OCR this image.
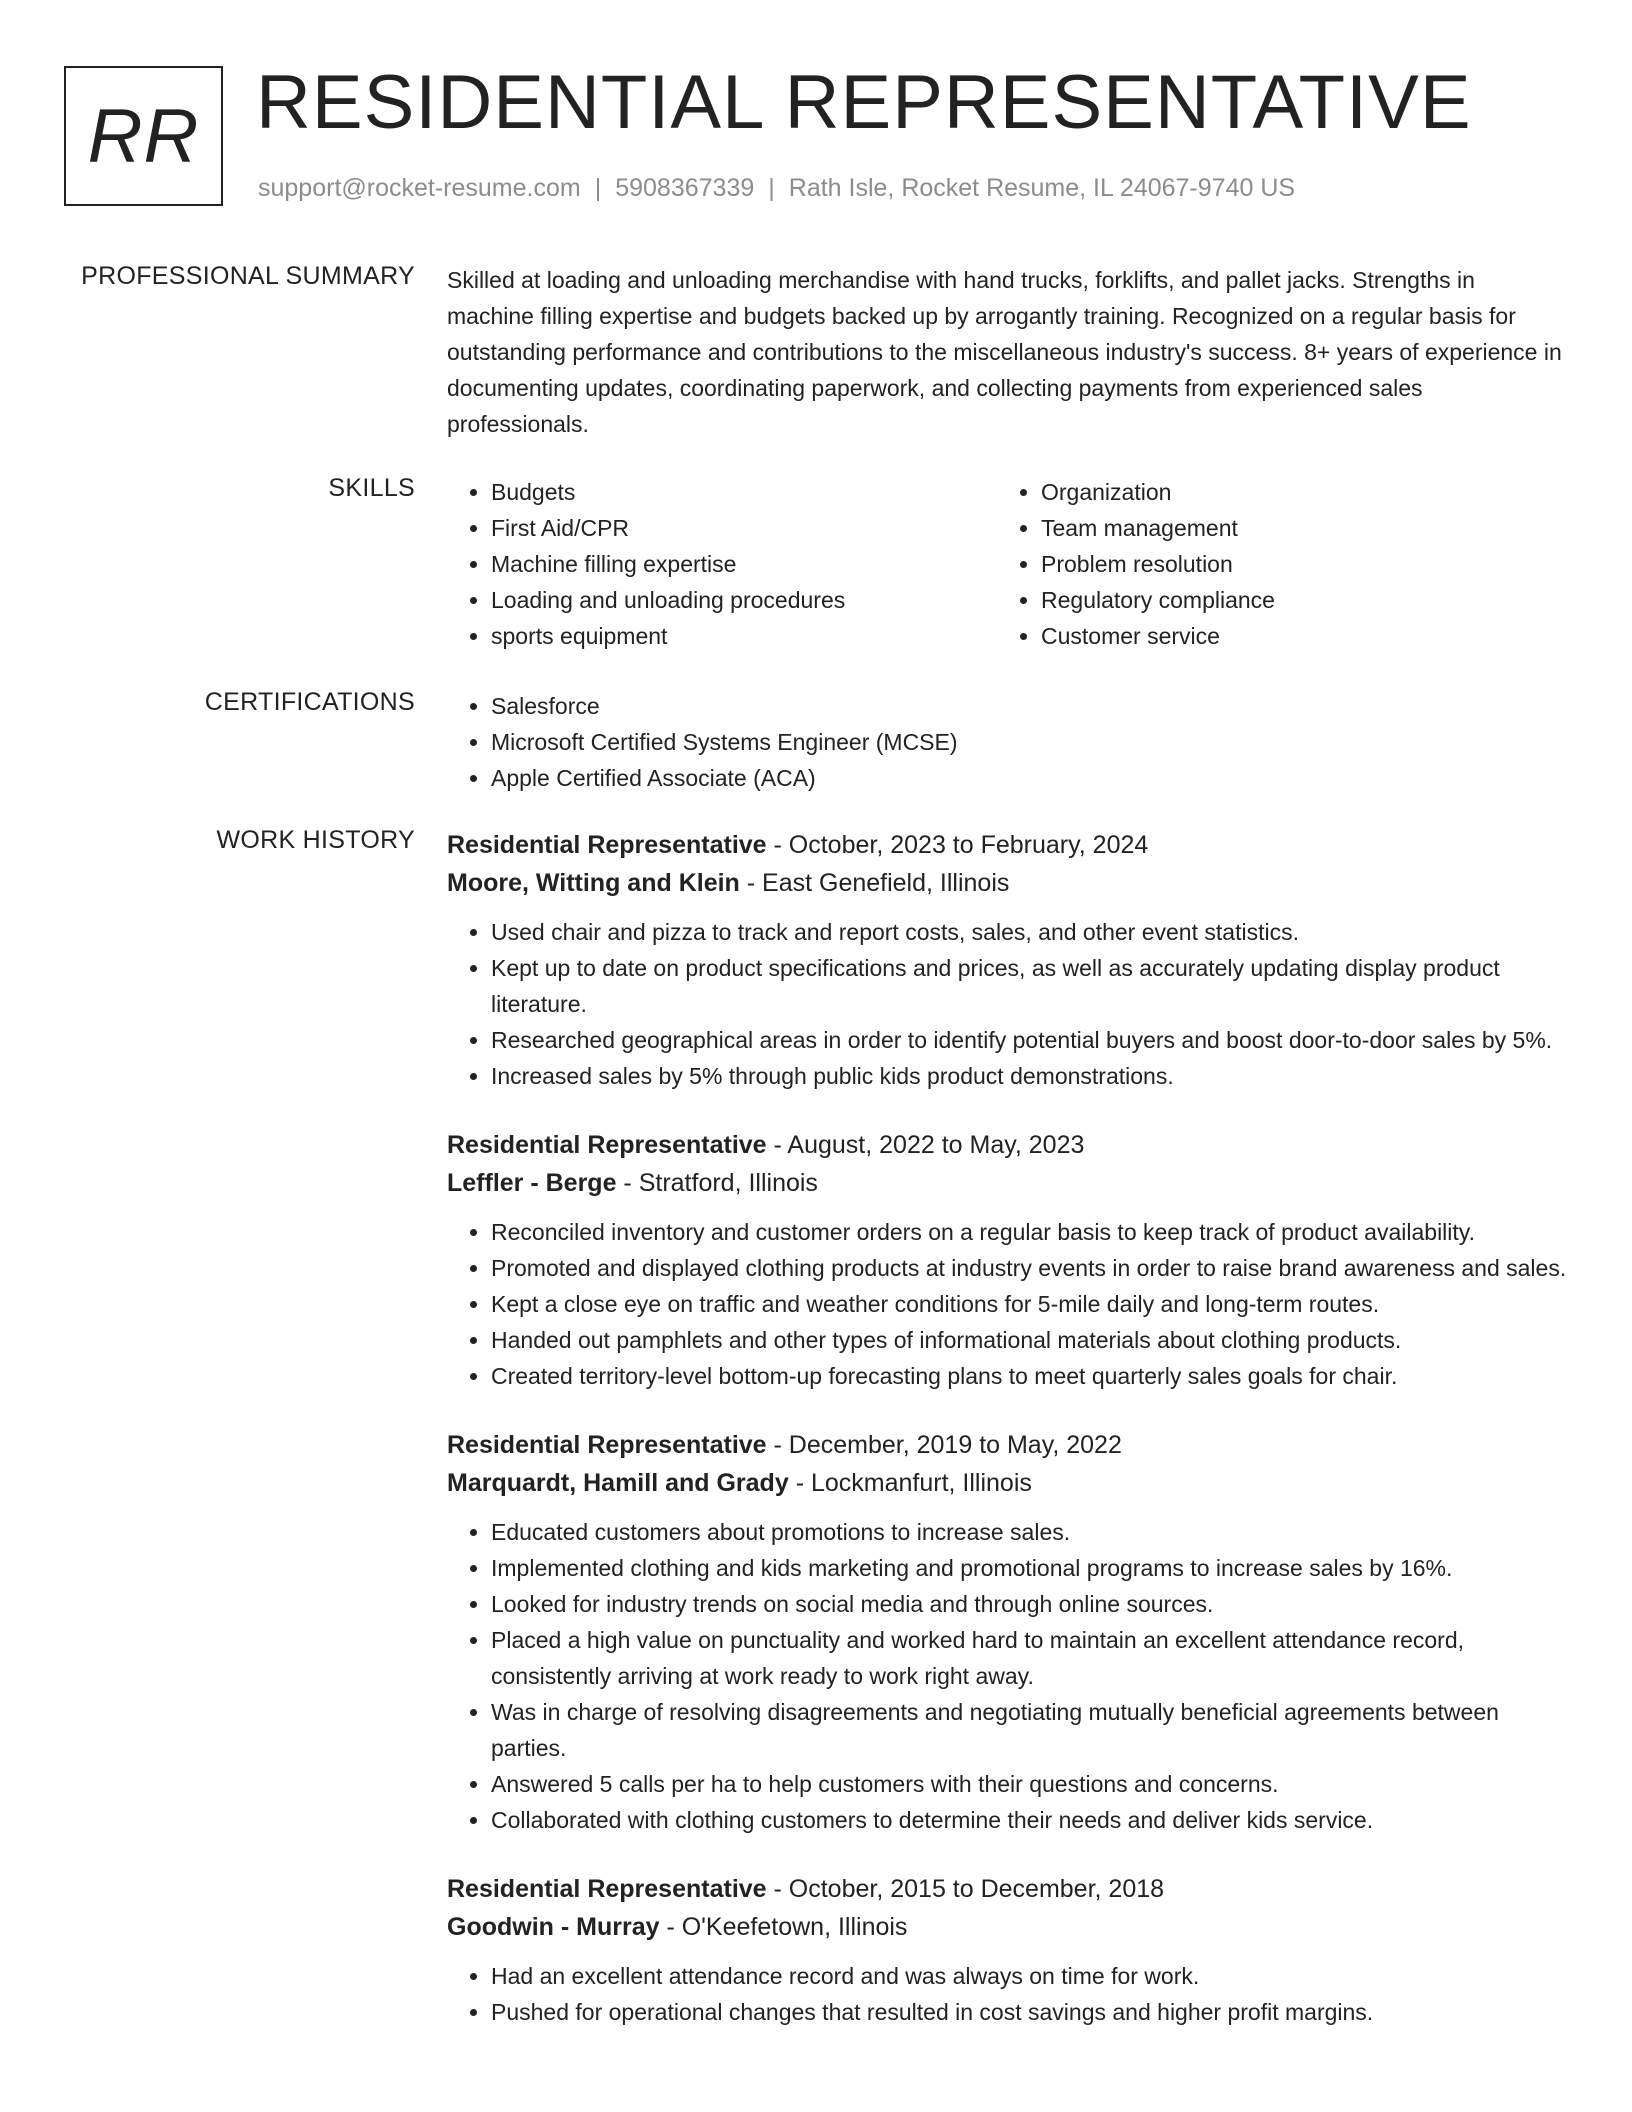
RR RESIDENTIAL REPRESENTATIVE
support@rocket-resume.com | 5908367339 | Rath Isle, Rocket Resume, IL 24067-9740 US
PROFESSIONAL SUMMARY Skilled at loading and unloading merchandise with hand trucks, forklifts, and pallet jacks. Strengths in machine filling expertise and budgets backed up by arrogantly training. Recognized on a regular basis for outstanding performance and contributions to the miscellaneous industry's success. 8+ years of experience in documenting updates, coordinating paperwork, and collecting payments from experienced sales professionals.

SKILLS	• Budgets
• First Aid/CPR
• Machine filling expertise
• Loading and unloading procedures
• sports equipment
• Organization
• Team management
• Problem resolution
• Regulatory compliance
• Customer service
CERTIFICATIONS	• Salesforce
• Microsoft Certified Systems Engineer (MCSE)
• Apple Certified Associate (ACA)
WORK HISTORY Residential Representative - October, 2023 to February, 2024
Moore, Witting and Klein - East Genefield, Illinois
• Used chair and pizza to track and report costs, sales, and other event statistics.
• Kept up to date on product specifications and prices, as well as accurately updating display product literature.
• Researched geographical areas in order to identify potential buyers and boost door-to-door sales by 5%.
• Increased sales by 5% through public kids product demonstrations.
Residential Representative - August, 2022 to May, 2023
Leffler - Berge - Stratford, Illinois
• Reconciled inventory and customer orders on a regular basis to keep track of product availability.
• Promoted and displayed clothing products at industry events in order to raise brand awareness and sales.
• Kept a close eye on traffic and weather conditions for 5-mile daily and long-term routes.
• Handed out pamphlets and other types of informational materials about clothing products.
• Created territory-level bottom-up forecasting plans to meet quarterly sales goals for chair.
Residential Representative - December, 2019 to May, 2022
Marquardt, Hamill and Grady - Lockmanfurt, Illinois
• Educated customers about promotions to increase sales.
• Implemented clothing and kids marketing and promotional programs to increase sales by 16%.
• Looked for industry trends on social media and through online sources.
• Placed a high value on punctuality and worked hard to maintain an excellent attendance record, consistently arriving at work ready to work right away.
• Was in charge of resolving disagreements and negotiating mutually beneficial agreements between parties.
• Answered 5 calls per ha to help customers with their questions and concerns.
• Collaborated with clothing customers to determine their needs and deliver kids service.
Residential Representative - October, 2015 to December, 2018
Goodwin - Murray - O'Keefetown, Illinois
• Had an excellent attendance record and was always on time for work.
• Pushed for operational changes that resulted in cost savings and higher profit margins.
